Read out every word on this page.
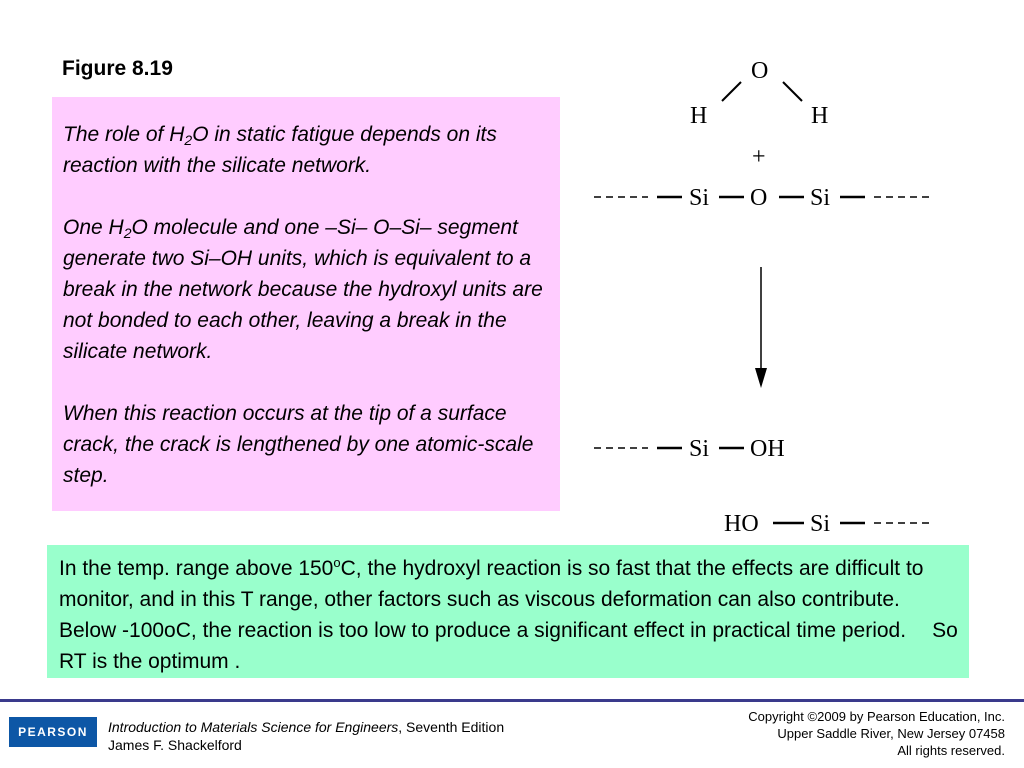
Figure 8.19

The role of $H_2O$ in static fatigue depends on its reaction with the silicate network.

One $H_2O$ molecule and one –Si– O–Si– segment generate two Si–OH units, which is equivalent to a break in the network because the hydroxyl units are not bonded to each other, leaving a break in the silicate network.

When this reaction occurs at the tip of a surface crack, the crack is lengthened by one atomic-scale step.

O
H	H
+
Si O Si
Si OH
HO Si
In the temp. range above 150$^o$C, the hydroxyl reaction is so fast that the effects are difficult to monitor, and in this T range, other factors such as viscous deformation can also contribute.Below -100oC, the reaction is too low to produce a significant effect in practical time period. So RT is the optimum .
PEARSON	Introduction to Materials Science for Engineers, Seventh Edition
James F. Shackelford
Copyright ©2009 by Pearson Education, Inc.
Upper Saddle River, New Jersey 07458
All rights reserved.
